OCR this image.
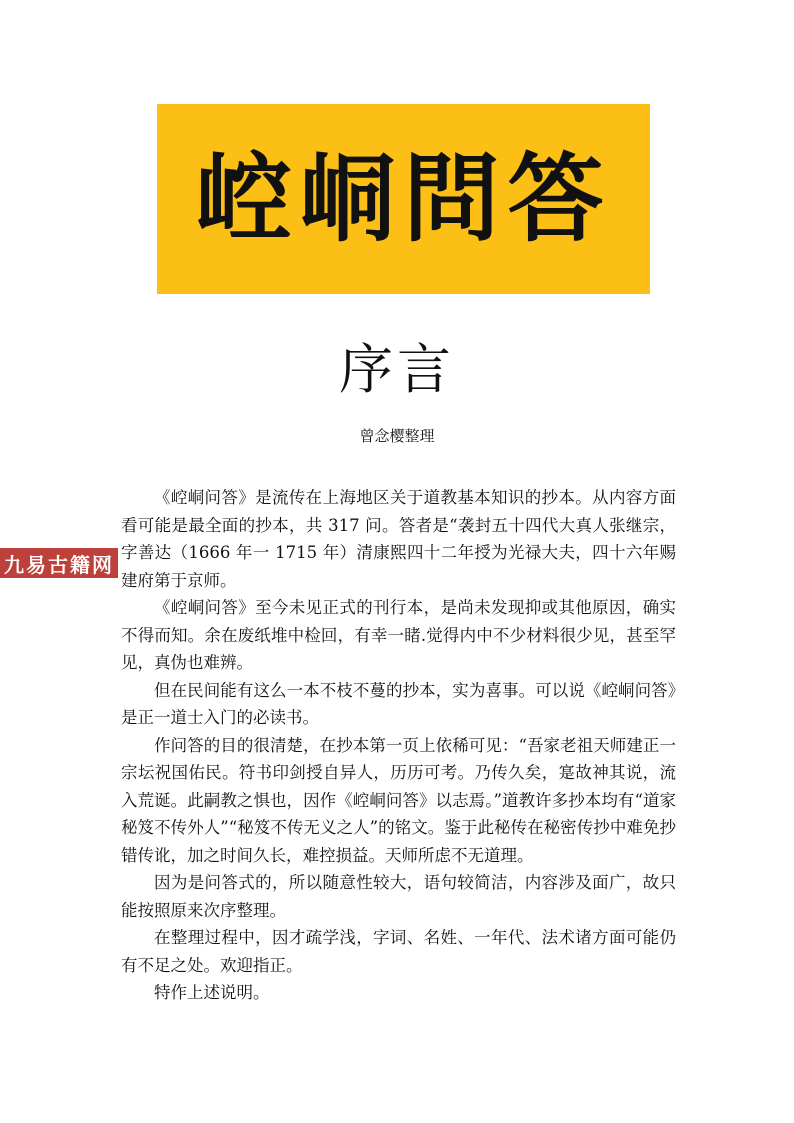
崆峒問答
序言
曾念樱整理

《崆峒问答》是流传在上海地区关于道教基本知识的抄本。从内容方面看可能是最全面的抄本，共 317 问。答者是“袭封五十四代大真人张继宗，字善达（1666 年一 1715 年）清康熙四十二年授为光禄大夫，四十六年赐建府第于京师。

《崆峒问答》至今未见正式的刊行本，是尚未发现抑或其他原因，确实不得而知。余在废纸堆中检回，有幸一睹.觉得内中不少材料很少见，甚至罕见，真伪也难辨。

但在民间能有这么一本不枝不蔓的抄本，实为喜事。可以说《崆峒问答》是正一道士入门的必读书。

作问答的目的很清楚，在抄本第一页上依稀可见：“吾家老祖天师建正一宗坛祝国佑民。符书印剑授自异人，历历可考。乃传久矣，寔故神其说，流入荒诞。此嗣教之惧也，因作《崆峒问答》以志焉。”道教许多抄本均有“道家秘笈不传外人”“秘笈不传无义之人”的铭文。鉴于此秘传在秘密传抄中难免抄错传讹，加之时间久长，难控损益。天师所虑不无道理。

因为是问答式的，所以随意性较大，语句较简洁，内容涉及面广，故只能按照原来次序整理。

在整理过程中，因才疏学浅，字词、名姓、一年代、法术诸方面可能仍有不足之处。欢迎指正。

特作上述说明。

九易古籍网
